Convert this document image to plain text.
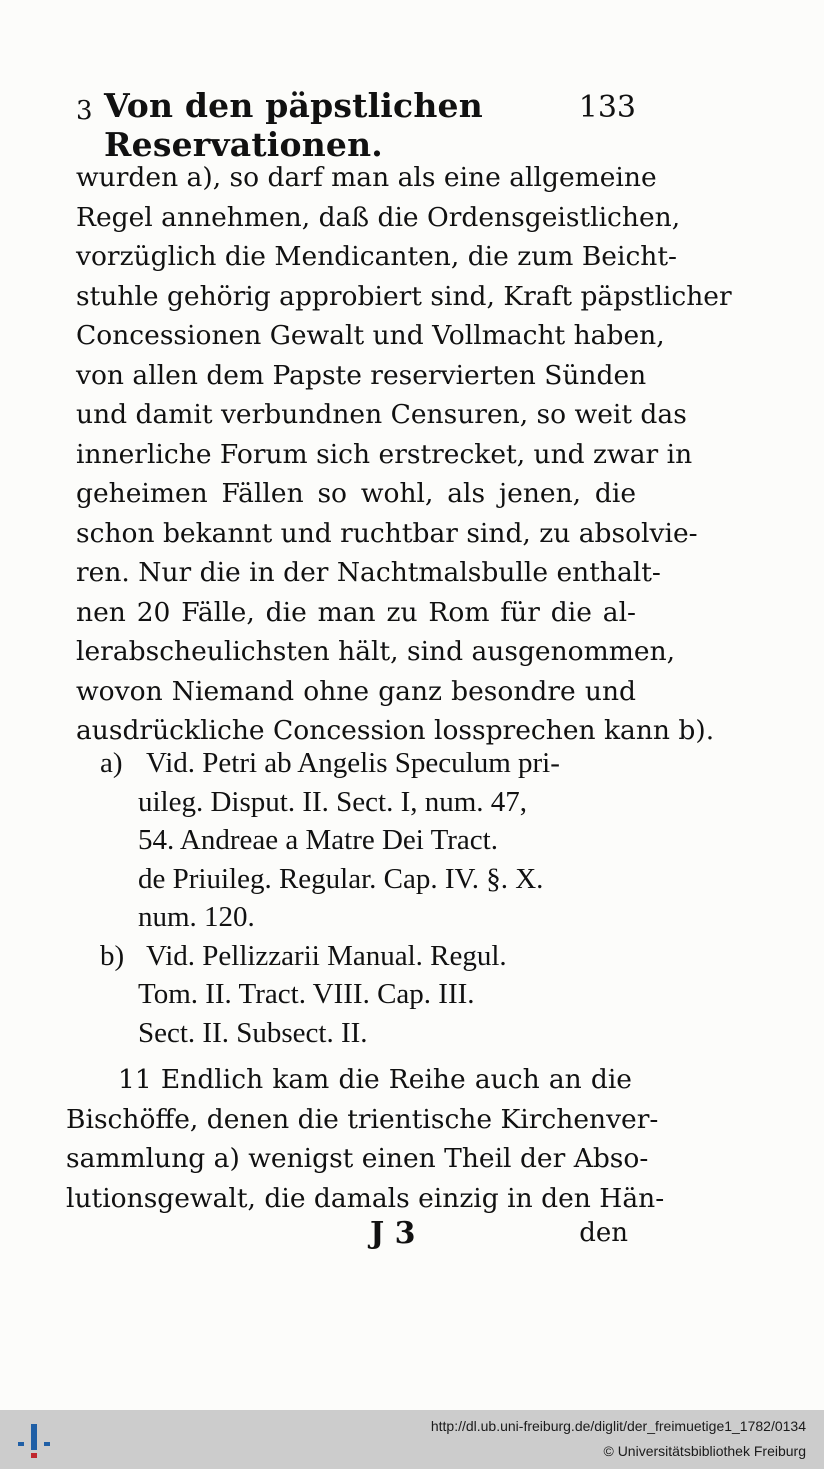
3 Von den päpstlichen Reservationen.
133
wurden a), so darf man als eine allgemeine
Regel annehmen, daß die Ordensgeistlichen,
vorzüglich die Mendicanten, die zum Beicht-
stuhle gehörig approbiert sind, Kraft päpstlicher
Concessionen Gewalt und Vollmacht haben,
von allen dem Papste reservierten Sünden
und damit verbundnen Censuren, so weit das
innerliche Forum sich erstrecket, und zwar in
geheimen Fällen so wohl, als jenen, die
schon bekannt und ruchtbar sind, zu absolvie-
ren. Nur die in der Nachtmalsbulle enthalt-
nen 20 Fälle, die man zu Rom für die al-
lerabscheulichsten hält, sind ausgenommen,
wovon Niemand ohne ganz besondre und
ausdrückliche Concession lossprechen kann b).
a) Vid. Petri ab Angelis Speculum pri-
uileg. Disput. II. Sect. I, num. 47,
54. Andreae a Matre Dei Tract.
de Priuileg. Regular. Cap. IV. §. X.
num. 120.
b) Vid. Pellizzarii Manual. Regul.
Tom. II. Tract. VIII. Cap. III.
Sect. II. Subsect. II.
11 Endlich kam die Reihe auch an die
Bischöffe, denen die trientische Kirchenver-
sammlung a) wenigst einen Theil der Abso-
lutionsgewalt, die damals einzig in den Hän-
J 3	den
http://dl.ub.uni-freiburg.de/diglit/der_freimuetige1_1782/0134
© Universitätsbibliothek Freiburg
